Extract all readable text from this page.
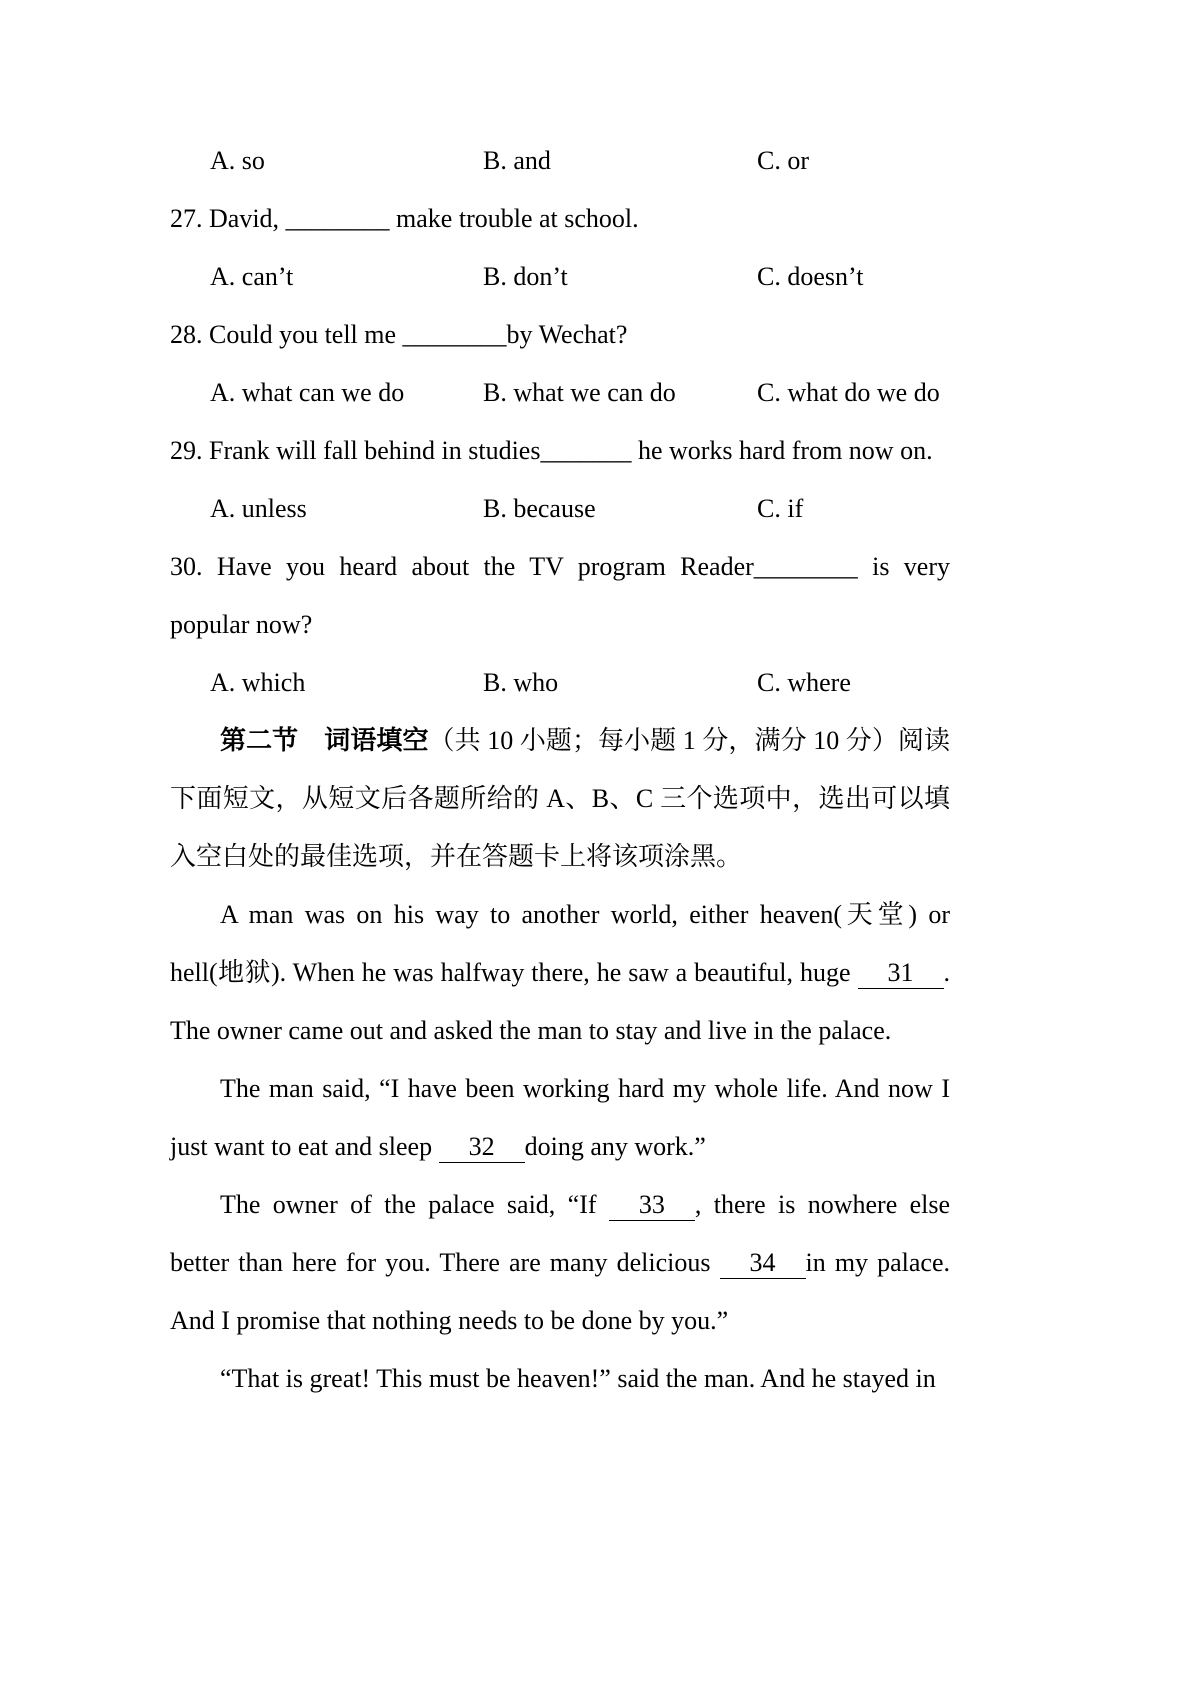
A. so	B. and	C. or

27. David, ________ make trouble at school.

A. can’t	B. don’t	C. doesn’t

28. Could you tell me ________by Wechat?

A. what can we do	B. what we can do	C. what do we do

29. Frank will fall behind in studies_______ he works hard from now on.

A. unless	B. because	C. if

30. Have you heard about the TV program Reader________ is very popular now?

A. which	B. who	C. where

第二节　词语填空（共 10 小题；每小题 1 分，满分 10 分）阅读下面短文，从短文后各题所给的 A、B、C 三个选项中，选出可以填入空白处的最佳选项，并在答题卡上将该项涂黑。

A man was on his way to another world, either heaven(天堂) or hell(地狱). When he was halfway there, he saw a beautiful, huge 31 . The owner came out and asked the man to stay and live in the palace.

The man said, “I have been working hard my whole life. And now I just want to eat and sleep 32 doing any work.”

The owner of the palace said, “If 33 , there is nowhere else better than here for you. There are many delicious 34 in my palace. And I promise that nothing needs to be done by you.”

“That is great! This must be heaven!” said the man. And he stayed in
